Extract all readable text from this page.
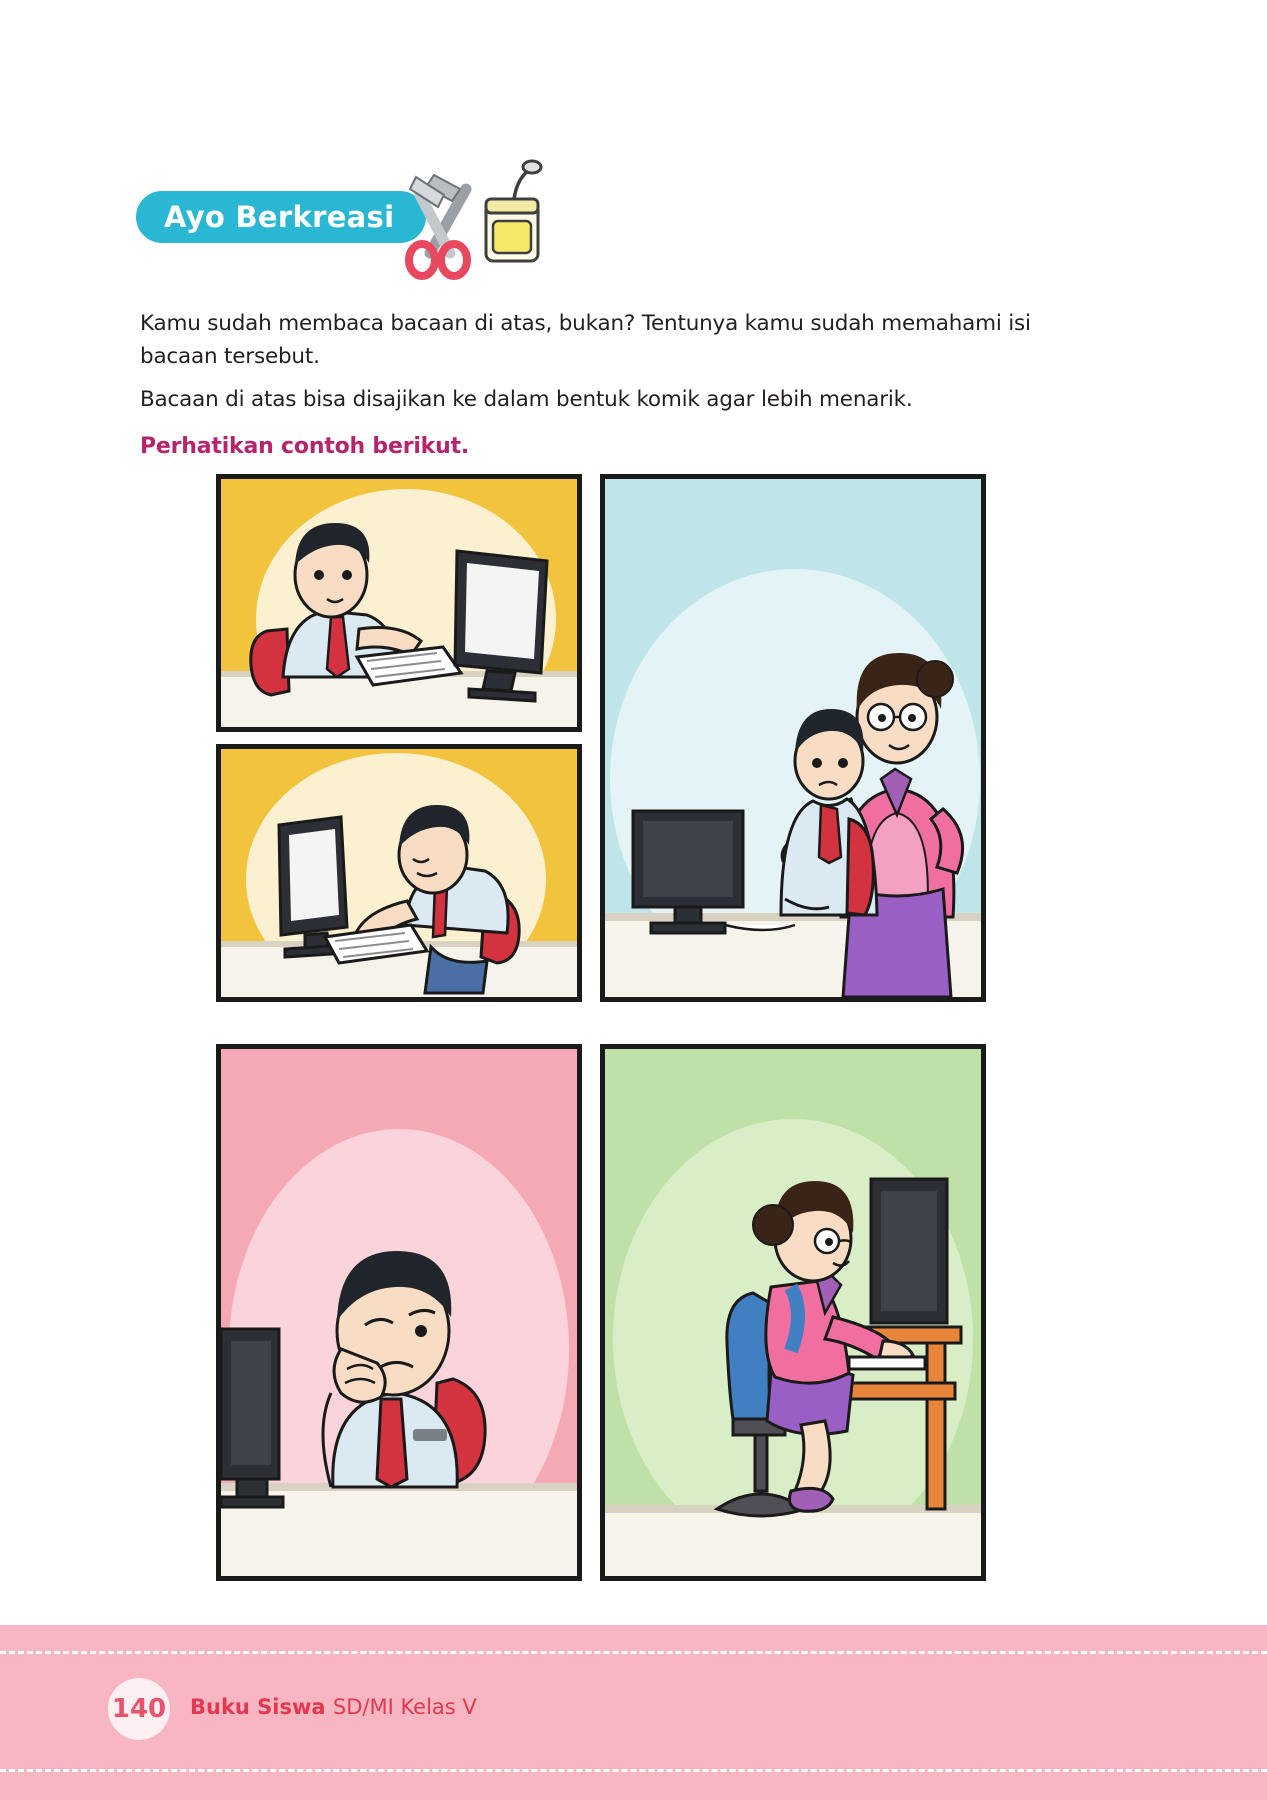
Ayo Berkreasi
Kamu sudah membaca bacaan di atas, bukan? Tentunya kamu sudah memahami isi bacaan tersebut.
Bacaan di atas bisa disajikan ke dalam bentuk komik agar lebih menarik.
Perhatikan contoh berikut.
140 Buku Siswa SD/MI Kelas V
